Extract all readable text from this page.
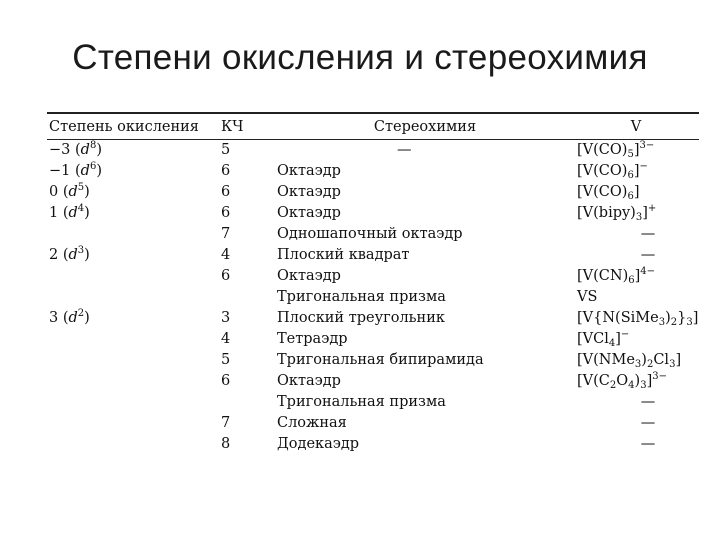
Степени окисления и стереохимия
Степень окисления	КЧ	Стереохимия	V
−3 $(d^8)$	5	—	$[V(CO)_5]^{3-}$
−1 $(d^6)$	6	Октаэдр	$[V(CO)_6]^-$
0 $(d^5)$	6	Октаэдр	$[V(CO)_6]$
1 $(d^4)$	6	Октаэдр	$[V(bipy)_3]^+$
	7	Одношапочный октаэдр	—
2 $(d^3)$	4	Плоский квадрат	—
	6	Октаэдр	$[V(CN)_6]^{4-}$
		Тригональная призма	VS
3 $(d^2)$	3	Плоский треугольник	$[V\{N(SiMe_3)_2\}_3]$
	4	Тетраэдр	[VCl$_4$]−
	5	Тригональная бипирамида	$[V(NMe_3)_2Cl_3]$
	6	Октаэдр	$[V(C_2O_4)_3]^{3-}$
		Тригональная призма	—
	7	Сложная	—
	8	Додекаэдр	—
